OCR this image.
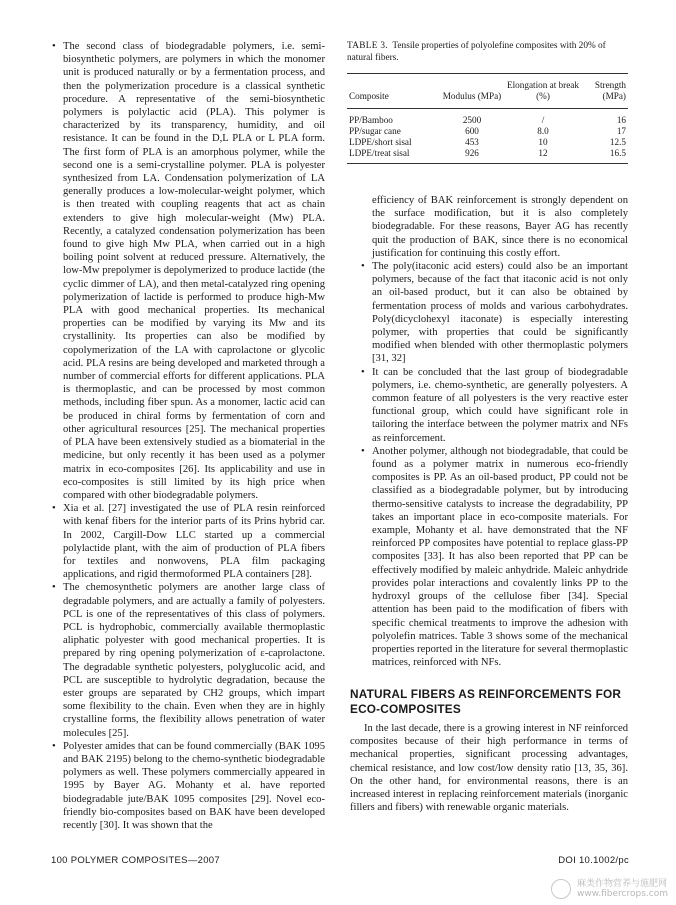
• The second class of biodegradable polymers, i.e. semi-biosynthetic polymers, are polymers in which the monomer unit is produced naturally or by a fermentation process, and then the polymerization procedure is a classical synthetic procedure. A representative of the semi-biosynthetic polymers is polylactic acid (PLA). This polymer is characterized by its transparency, humidity, and oil resistance. It can be found in the D,L PLA or L PLA form. The first form of PLA is an amorphous polymer, while the second one is a semi-crystalline polymer. PLA is polyester synthesized from LA. Condensation polymerization of LA generally produces a low-molecular-weight polymer, which is then treated with coupling reagents that act as chain extenders to give high molecular-weight (Mw) PLA. Recently, a catalyzed condensation polymerization has been found to give high Mw PLA, when carried out in a high boiling point solvent at reduced pressure. Alternatively, the low-Mw prepolymer is depolymerized to produce lactide (the cyclic dimmer of LA), and then metal-catalyzed ring opening polymerization of lactide is performed to produce high-Mw PLA with good mechanical properties. Its mechanical properties can be modified by varying its Mw and its crystallinity. Its properties can also be modified by copolymerization of the LA with caprolactone or glycolic acid. PLA resins are being developed and marketed through a number of commercial efforts for different applications. PLA is thermoplastic, and can be processed by most common methods, including fiber spun. As a monomer, lactic acid can be produced in chiral forms by fermentation of corn and other agricultural resources [25]. The mechanical properties of PLA have been extensively studied as a biomaterial in the medicine, but only recently it has been used as a polymer matrix in eco-composites [26]. Its applicability and use in eco-composites is still limited by its high price when compared with other biodegradable polymers.
• Xia et al. [27] investigated the use of PLA resin reinforced with kenaf fibers for the interior parts of its Prins hybrid car. In 2002, Cargill-Dow LLC started up a commercial polylactide plant, with the aim of production of PLA fibers for textiles and nonwovens, PLA film packaging applications, and rigid thermoformed PLA containers [28].
• The chemosynthetic polymers are another large class of degradable polymers, and are actually a family of polyesters. PCL is one of the representatives of this class of polymers. PCL is hydrophobic, commercially available thermoplastic aliphatic polyester with good mechanical properties. It is prepared by ring opening polymerization of ε-caprolactone. The degradable synthetic polyesters, polyglucolic acid, and PCL are susceptible to hydrolytic degradation, because the ester groups are separated by CH2 groups, which impart some flexibility to the chain. Even when they are in highly crystalline forms, the flexibility allows penetration of water molecules [25].
• Polyester amides that can be found commercially (BAK 1095 and BAK 2195) belong to the chemo-synthetic biodegradable polymers as well. These polymers commercially appeared in 1995 by Bayer AG. Mohanty et al. have reported biodegradable jute/BAK 1095 composites [29]. Novel eco-friendly bio-composites based on BAK have been developed recently [30]. It was shown that the
TABLE 3. Tensile properties of polyolefine composites with 20% of natural fibers.
Composite	Modulus (MPa)	Elongation at break (%)	Strength (MPa)
PP/Bamboo	2500	/	16
PP/sugar cane	600	8.0	17
LDPE/short sisal	453	10	12.5
LDPE/treat sisal	926	12	16.5

efficiency of BAK reinforcement is strongly dependent on the surface modification, but it is also completely biodegradable. For these reasons, Bayer AG has recently quit the production of BAK, since there is no economical justification for continuing this costly effort.

• The poly(itaconic acid esters) could also be an important polymers, because of the fact that itaconic acid is not only an oil-based product, but it can also be obtained by fermentation process of molds and various carbohydrates. Poly(dicyclohexyl itaconate) is especially interesting polymer, with properties that could be significantly modified when blended with other thermoplastic polymers [31, 32]
• It can be concluded that the last group of biodegradable polymers, i.e. chemo-synthetic, are generally polyesters. A common feature of all polyesters is the very reactive ester functional group, which could have significant role in tailoring the interface between the polymer matrix and NFs as reinforcement.
• Another polymer, although not biodegradable, that could be found as a polymer matrix in numerous eco-friendly composites is PP. As an oil-based product, PP could not be classified as a biodegradable polymer, but by introducing thermo-sensitive catalysts to increase the degradability, PP takes an important place in eco-composite materials. For example, Mohanty et al. have demonstrated that the NF reinforced PP composites have potential to replace glass-PP composites [33]. It has also been reported that PP can be effectively modified by maleic anhydride. Maleic anhydride provides polar interactions and covalently links PP to the hydroxyl groups of the cellulose fiber [34]. Special attention has been paid to the modification of fibers with specific chemical treatments to improve the adhesion with polyolefin matrices. Table 3 shows some of the mechanical properties reported in the literature for several thermoplastic matrices, reinforced with NFs.
NATURAL FIBERS AS REINFORCEMENTS FOR ECO-COMPOSITES

In the last decade, there is a growing interest in NF reinforced composites because of their high performance in terms of mechanical properties, significant processing advantages, chemical resistance, and low cost/low density ratio [13, 35, 36]. On the other hand, for environmental reasons, there is an increased interest in replacing reinforcement materials (inorganic fillers and fibers) with renewable organic materials.

100 POLYMER COMPOSITES—2007	DOI 10.1002/pc
麻类作物营养与施肥网
www.fibercrops.com
